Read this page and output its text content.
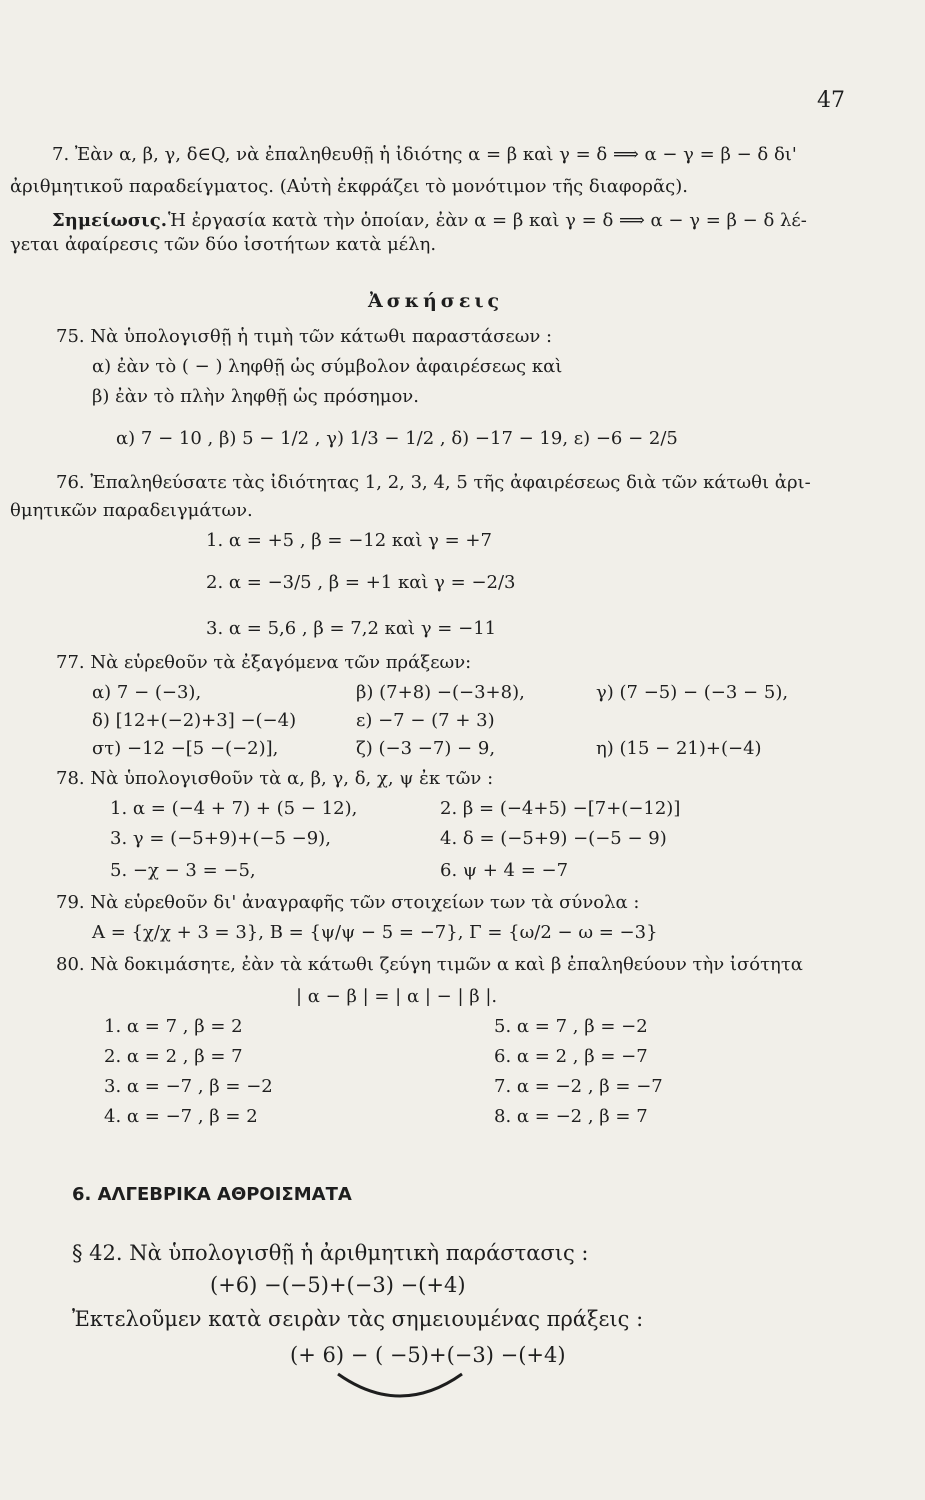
47
7. Ἐὰν α, β, γ, δ∈Q, νὰ ἐπαληθευθῇ ἡ ἰδιότης α = β καὶ γ = δ ⟹ α − γ = β − δ δι'
ἀριθμητικοῦ παραδείγματος. (Αὐτὴ ἐκφράζει τὸ μονότιμον τῆς διαφορᾶς).
Σημείωσις. Ἡ ἐργασία κατὰ τὴν ὁποίαν, ἐὰν α = β καὶ γ = δ ⟹ α − γ = β − δ λέ-
γεται ἀφαίρεσις τῶν δύο ἰσοτήτων κατὰ μέλη.
Ἀσκήσεις
75. Νὰ ὑπολογισθῇ ἡ τιμὴ τῶν κάτωθι παραστάσεων :
α) ἐὰν τὸ ( − ) ληφθῇ ὡς σύμβολον ἀφαιρέσεως καὶ
β) ἐὰν τὸ πλὴν ληφθῇ ὡς πρόσημον.
α) 7 − 10 , β) 5 − 1/2 , γ) 1/3 − 1/2 , δ) −17 − 19, ε) −6 − 2/5
76. Ἐπαληθεύσατε τὰς ἰδιότητας 1, 2, 3, 4, 5 τῆς ἀφαιρέσεως διὰ τῶν κάτωθι ἀρι-
θμητικῶν παραδειγμάτων.
1. α = +5 , β = −12 καὶ γ = +7
2. α = −3/5 , β = +1 καὶ γ = −2/3
3. α = 5,6 , β = 7,2 καὶ γ = −11
77. Νὰ εὑρεθοῦν τὰ ἐξαγόμενα τῶν πράξεων:
α) 7 − (−3),	β) (7+8) −(−3+8),	γ) (7 −5) − (−3 − 5),
δ) [12+(−2)+3] −(−4)	ε) −7 − (7 + 3)
στ) −12 −[5 −(−2)],	ζ) (−3 −7) − 9,	η) (15 − 21)+(−4)
78. Νὰ ὑπολογισθοῦν τὰ α, β, γ, δ, χ, ψ ἐκ τῶν :
1. α = (−4 + 7) + (5 − 12),	2. β = (−4+5) −[7+(−12)]
3. γ = (−5+9)+(−5 −9),	4. δ = (−5+9) −(−5 − 9)
5. −χ − 3 = −5,	6. ψ + 4 = −7
79. Νὰ εὑρεθοῦν δι' ἀναγραφῆς τῶν στοιχείων των τὰ σύνολα :
Α = {χ/χ + 3 = 3}, Β = {ψ/ψ − 5 = −7}, Γ = {ω/2 − ω = −3}
80. Νὰ δοκιμάσητε, ἐὰν τὰ κάτωθι ζεύγη τιμῶν α καὶ β ἐπαληθεύουν τὴν ἰσότητα
| α − β | = | α | − | β |.
1. α = 7 , β = 2	5. α = 7 , β = −2
2. α = 2 , β = 7	6. α = 2 , β = −7
3. α = −7 , β = −2	7. α = −2 , β = −7
4. α = −7 , β = 2	8. α = −2 , β = 7
6. ΑΛΓΕΒΡΙΚΑ ΑΘΡΟΙΣΜΑΤΑ
§ 42. Νὰ ὑπολογισθῇ ἡ ἀριθμητικὴ παράστασις :
(+6) −(−5)+(−3) −(+4)
Ἐκτελοῦμεν κατὰ σειρὰν τὰς σημειουμένας πράξεις :
(+ 6) − ( −5)+(−3) −(+4)
